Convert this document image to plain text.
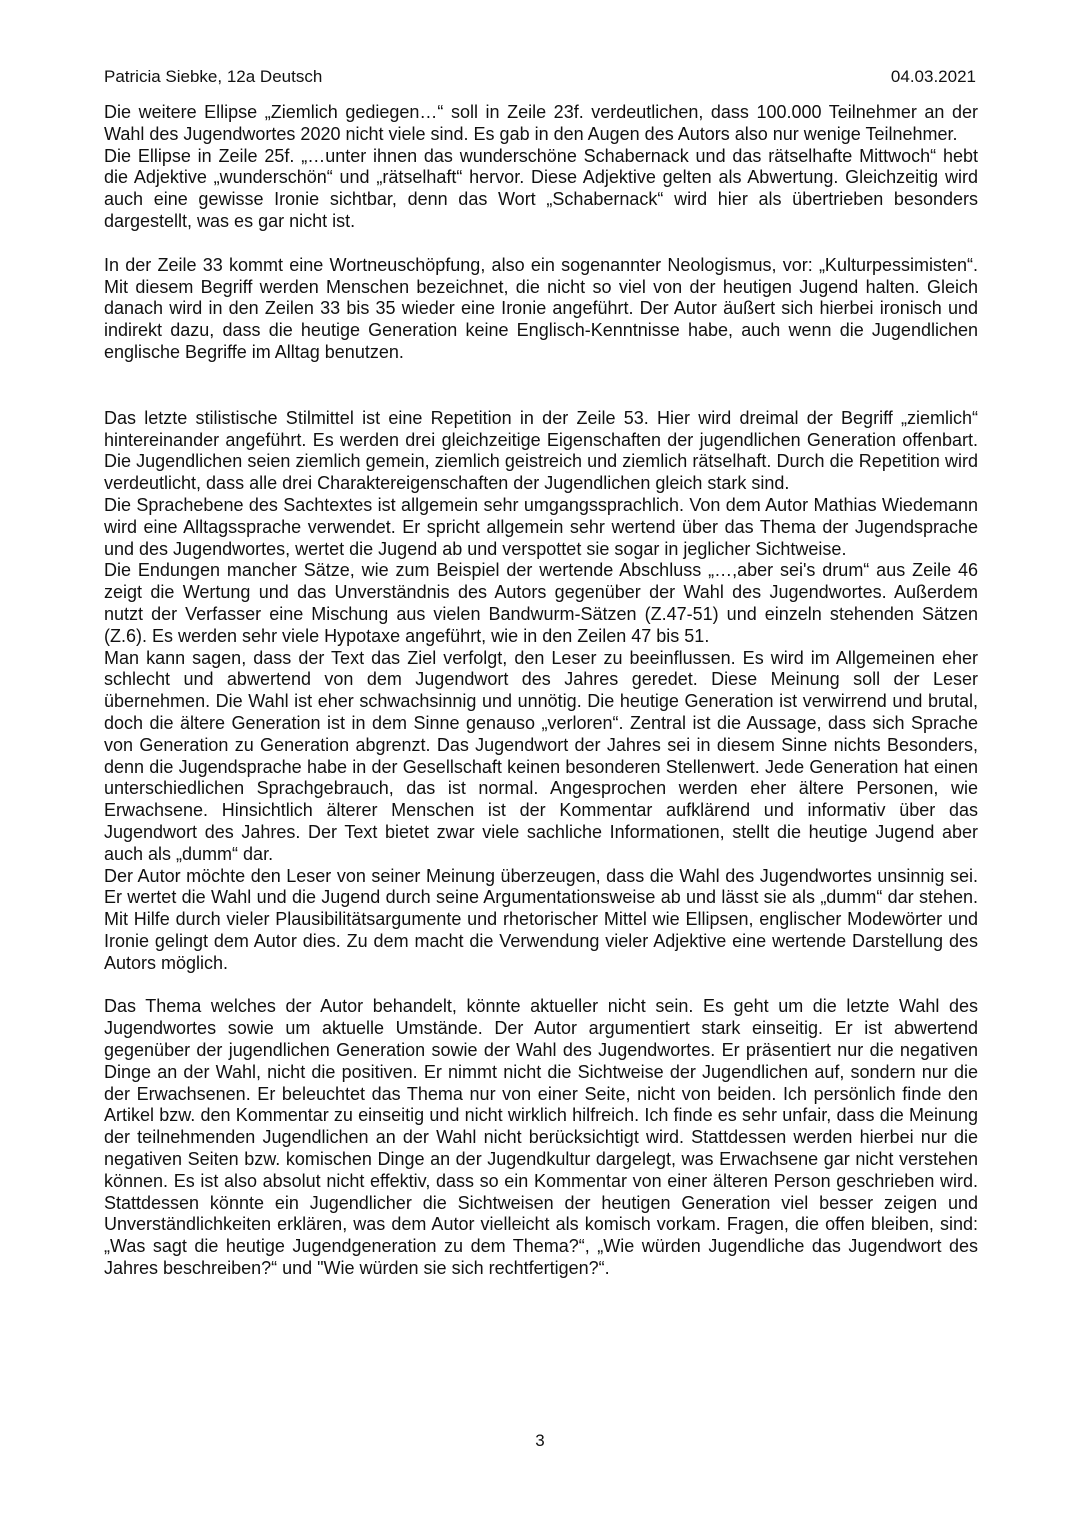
Patricia Siebke, 12a Deutsch	04.03.2021

Die weitere Ellipse „Ziemlich gediegen…“ soll in Zeile 23f. verdeutlichen, dass 100.000 Teilnehmer an der Wahl des Jugendwortes 2020 nicht viele sind. Es gab in den Augen des Autors also nur wenige Teilnehmer.

Die Ellipse in Zeile 25f. „…unter ihnen das wunderschöne Schabernack und das rätselhafte Mittwoch“ hebt die Adjektive „wunderschön“ und „rätselhaft“ hervor. Diese Adjektive gelten als Abwertung. Gleichzeitig wird auch eine gewisse Ironie sichtbar, denn das Wort „Schabernack“ wird hier als übertrieben besonders dargestellt, was es gar nicht ist.

In der Zeile 33 kommt eine Wortneuschöpfung, also ein sogenannter Neologismus, vor: „Kulturpessimisten“. Mit diesem Begriff werden Menschen bezeichnet, die nicht so viel von der heutigen Jugend halten. Gleich danach wird in den Zeilen 33 bis 35 wieder eine Ironie angeführt. Der Autor äußert sich hierbei ironisch und indirekt dazu, dass die heutige Generation keine Englisch-Kenntnisse habe, auch wenn die Jugendlichen englische Begriffe im Alltag benutzen.

Das letzte stilistische Stilmittel ist eine Repetition in der Zeile 53. Hier wird dreimal der Begriff „ziemlich“ hintereinander angeführt. Es werden drei gleichzeitige Eigenschaften der jugendlichen Generation offenbart. Die Jugendlichen seien ziemlich gemein, ziemlich geistreich und ziemlich rätselhaft. Durch die Repetition wird verdeutlicht, dass alle drei Charaktereigenschaften der Jugendlichen gleich stark sind.

Die Sprachebene des Sachtextes ist allgemein sehr umgangssprachlich. Von dem Autor Mathias Wiedemann wird eine Alltagssprache verwendet. Er spricht allgemein sehr wertend über das Thema der Jugendsprache und des Jugendwortes, wertet die Jugend ab und verspottet sie sogar in jeglicher Sichtweise.

Die Endungen mancher Sätze, wie zum Beispiel der wertende Abschluss „…,aber sei's drum“ aus Zeile 46 zeigt die Wertung und das Unverständnis des Autors gegenüber der Wahl des Jugendwortes. Außerdem nutzt der Verfasser eine Mischung aus vielen Bandwurm-Sätzen (Z.47-51) und einzeln stehenden Sätzen (Z.6). Es werden sehr viele Hypotaxe angeführt, wie in den Zeilen 47 bis 51.

Man kann sagen, dass der Text das Ziel verfolgt, den Leser zu beeinflussen. Es wird im Allgemeinen eher schlecht und abwertend von dem Jugendwort des Jahres geredet. Diese Meinung soll der Leser übernehmen. Die Wahl ist eher schwachsinnig und unnötig. Die heutige Generation ist verwirrend und brutal, doch die ältere Generation ist in dem Sinne genauso „verloren“. Zentral ist die Aussage, dass sich Sprache von Generation zu Generation abgrenzt. Das Jugendwort der Jahres sei in diesem Sinne nichts Besonders, denn die Jugendsprache habe in der Gesellschaft keinen besonderen Stellenwert. Jede Generation hat einen unterschiedlichen Sprachgebrauch, das ist normal. Angesprochen werden eher ältere Personen, wie Erwachsene. Hinsichtlich älterer Menschen ist der Kommentar aufklärend und informativ über das Jugendwort des Jahres. Der Text bietet zwar viele sachliche Informationen, stellt die heutige Jugend aber auch als „dumm“ dar.

Der Autor möchte den Leser von seiner Meinung überzeugen, dass die Wahl des Jugendwortes unsinnig sei. Er wertet die Wahl und die Jugend durch seine Argumentationsweise ab und lässt sie als „dumm“ dar stehen. Mit Hilfe durch vieler Plausibilitätsargumente und rhetorischer Mittel wie Ellipsen, englischer Modewörter und Ironie gelingt dem Autor dies. Zu dem macht die Verwendung vieler Adjektive eine wertende Darstellung des Autors möglich.

Das Thema welches der Autor behandelt, könnte aktueller nicht sein. Es geht um die letzte Wahl des Jugendwortes sowie um aktuelle Umstände. Der Autor argumentiert stark einseitig. Er ist abwertend gegenüber der jugendlichen Generation sowie der Wahl des Jugendwortes. Er präsentiert nur die negativen Dinge an der Wahl, nicht die positiven. Er nimmt nicht die Sichtweise der Jugendlichen auf, sondern nur die der Erwachsenen. Er beleuchtet das Thema nur von einer Seite, nicht von beiden. Ich persönlich finde den Artikel bzw. den Kommentar zu einseitig und nicht wirklich hilfreich. Ich finde es sehr unfair, dass die Meinung der teilnehmenden Jugendlichen an der Wahl nicht berücksichtigt wird. Stattdessen werden hierbei nur die negativen Seiten bzw. komischen Dinge an der Jugendkultur dargelegt, was Erwachsene gar nicht verstehen können. Es ist also absolut nicht effektiv, dass so ein Kommentar von einer älteren Person geschrieben wird. Stattdessen könnte ein Jugendlicher die Sichtweisen der heutigen Generation viel besser zeigen und Unverständlichkeiten erklären, was dem Autor vielleicht als komisch vorkam. Fragen, die offen bleiben, sind: „Was sagt die heutige Jugendgeneration zu dem Thema?“, „Wie würden Jugendliche das Jugendwort des Jahres beschreiben?“ und "Wie würden sie sich rechtfertigen?“.

3
